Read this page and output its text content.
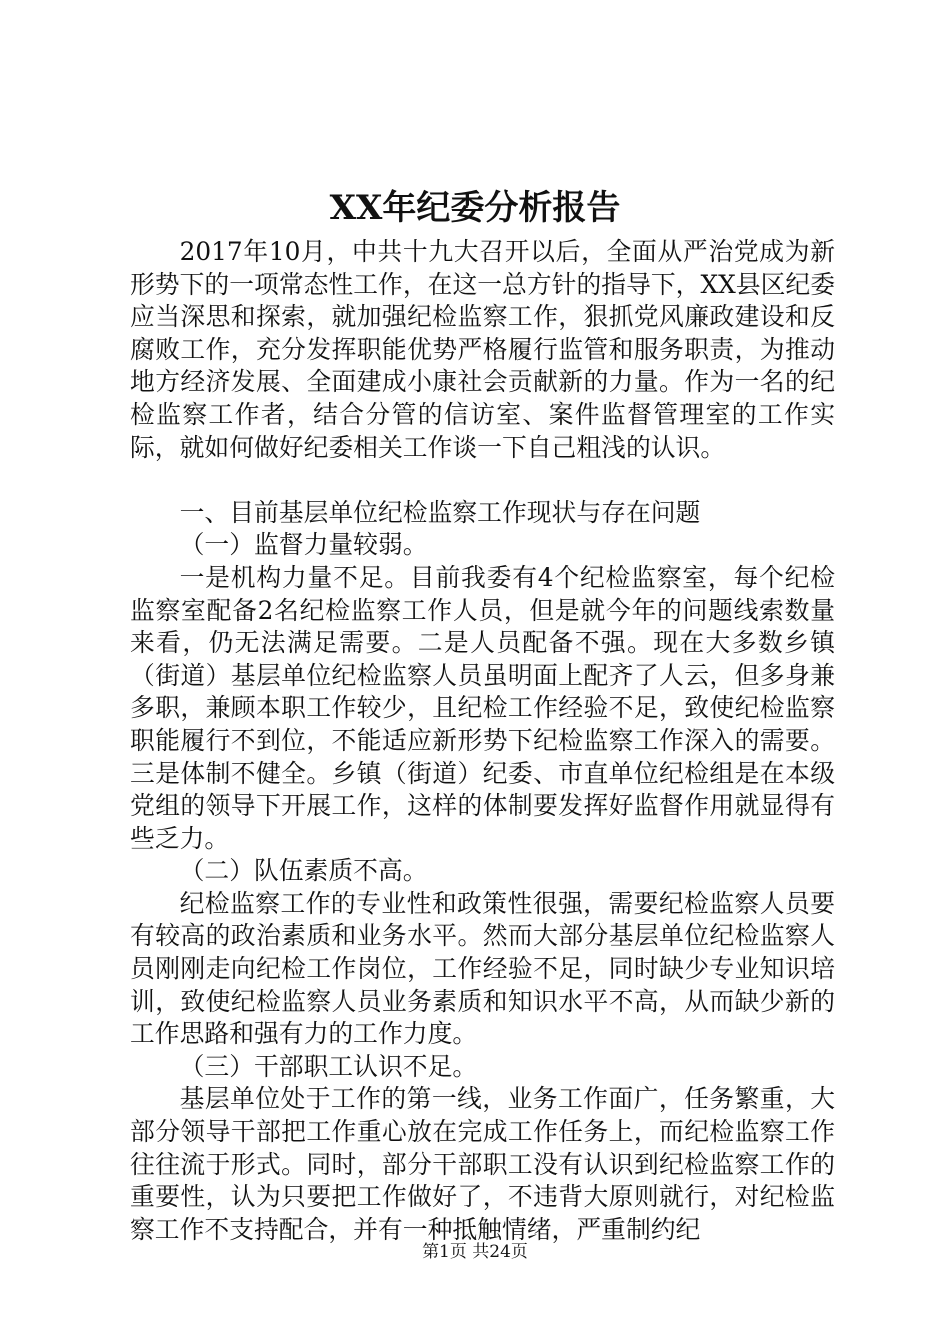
XX年纪委分析报告

2017年10月，中共十九大召开以后，全面从严治党成为新形势下的一项常态性工作，在这一总方针的指导下，XX县区纪委应当深思和探索，就加强纪检监察工作，狠抓党风廉政建设和反腐败工作，充分发挥职能优势严格履行监管和服务职责，为推动地方经济发展、全面建成小康社会贡献新的力量。作为一名的纪检监察工作者，结合分管的信访室、案件监督管理室的工作实际，就如何做好纪委相关工作谈一下自己粗浅的认识。

一、目前基层单位纪检监察工作现状与存在问题

（一）监督力量较弱。

一是机构力量不足。目前我委有4个纪检监察室，每个纪检监察室配备2名纪检监察工作人员，但是就今年的问题线索数量来看，仍无法满足需要。二是人员配备不强。现在大多数乡镇（街道）基层单位纪检监察人员虽明面上配齐了人云，但多身兼多职，兼顾本职工作较少，且纪检工作经验不足，致使纪检监察职能履行不到位，不能适应新形势下纪检监察工作深入的需要。三是体制不健全。乡镇（街道）纪委、市直单位纪检组是在本级党组的领导下开展工作，这样的体制要发挥好监督作用就显得有些乏力。

（二）队伍素质不高。

纪检监察工作的专业性和政策性很强，需要纪检监察人员要有较高的政治素质和业务水平。然而大部分基层单位纪检监察人员刚刚走向纪检工作岗位，工作经验不足，同时缺少专业知识培训，致使纪检监察人员业务素质和知识水平不高，从而缺少新的工作思路和强有力的工作力度。

（三）干部职工认识不足。

基层单位处于工作的第一线，业务工作面广，任务繁重，大部分领导干部把工作重心放在完成工作任务上，而纪检监察工作往往流于形式。同时，部分干部职工没有认识到纪检监察工作的重要性，认为只要把工作做好了，不违背大原则就行，对纪检监察工作不支持配合，并有一种抵触情绪，严重制约纪

第1页 共24页
